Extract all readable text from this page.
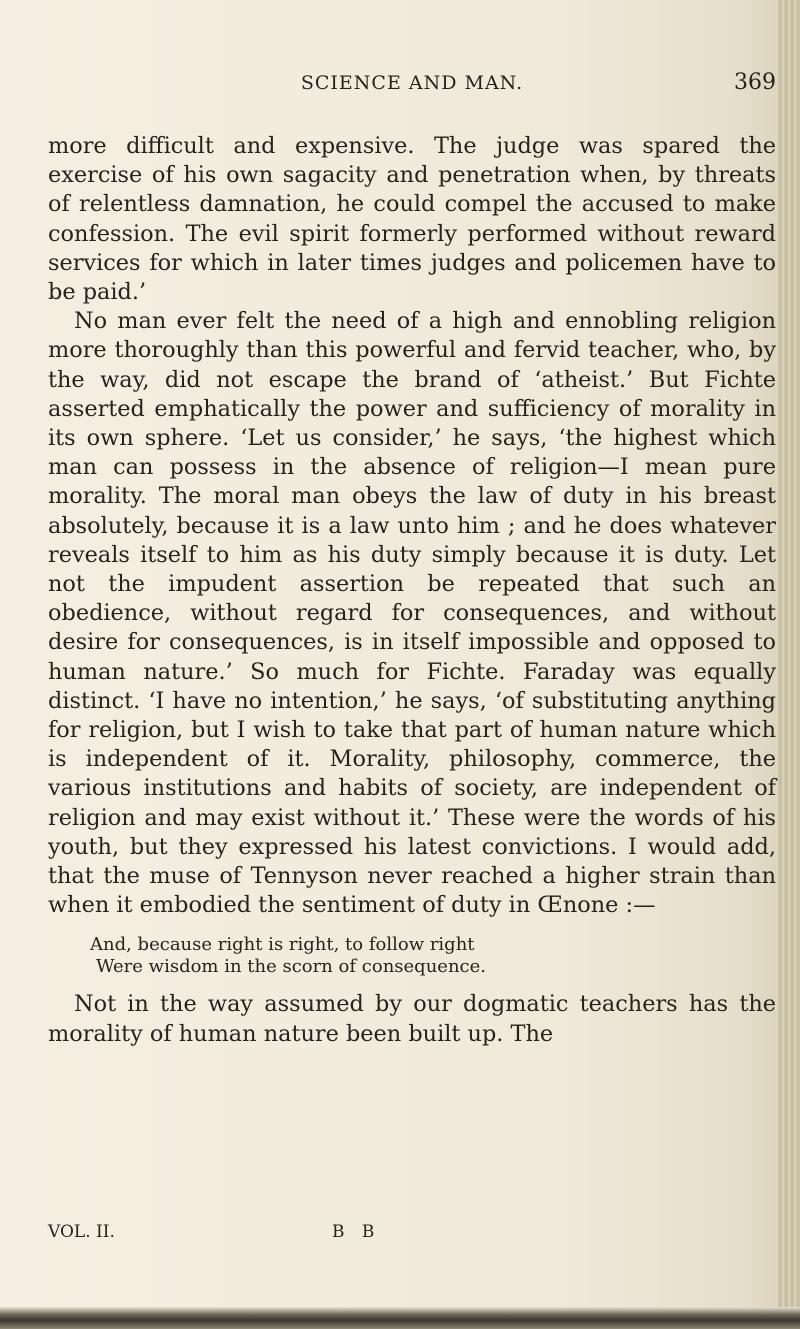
SCIENCE AND MAN.	369

more difficult and expensive. The judge was spared the exercise of his own sagacity and penetration when, by threats of relentless damnation, he could compel the accused to make confession. The evil spirit formerly performed without reward services for which in later times judges and policemen have to be paid.’

No man ever felt the need of a high and ennobling religion more thoroughly than this powerful and fervid teacher, who, by the way, did not escape the brand of ‘atheist.’ But Fichte asserted emphatically the power and sufficiency of morality in its own sphere. ‘Let us consider,’ he says, ‘the highest which man can possess in the absence of religion—I mean pure morality. The moral man obeys the law of duty in his breast absolutely, because it is a law unto him ; and he does whatever reveals itself to him as his duty simply because it is duty. Let not the impudent assertion be repeated that such an obedience, without regard for consequences, and without desire for consequences, is in itself impossible and opposed to human nature.’ So much for Fichte. Faraday was equally distinct. ‘I have no intention,’ he says, ‘of substituting anything for religion, but I wish to take that part of human nature which is independent of it. Morality, philosophy, commerce, the various institutions and habits of society, are independent of religion and may exist without it.’ These were the words of his youth, but they expressed his latest convictions. I would add, that the muse of Tennyson never reached a higher strain than when it embodied the sentiment of duty in Œnone :—

And, because right is right, to follow right
Were wisdom in the scorn of consequence.

Not in the way assumed by our dogmatic teachers has the morality of human nature been built up. The

VOL. II.	B B
